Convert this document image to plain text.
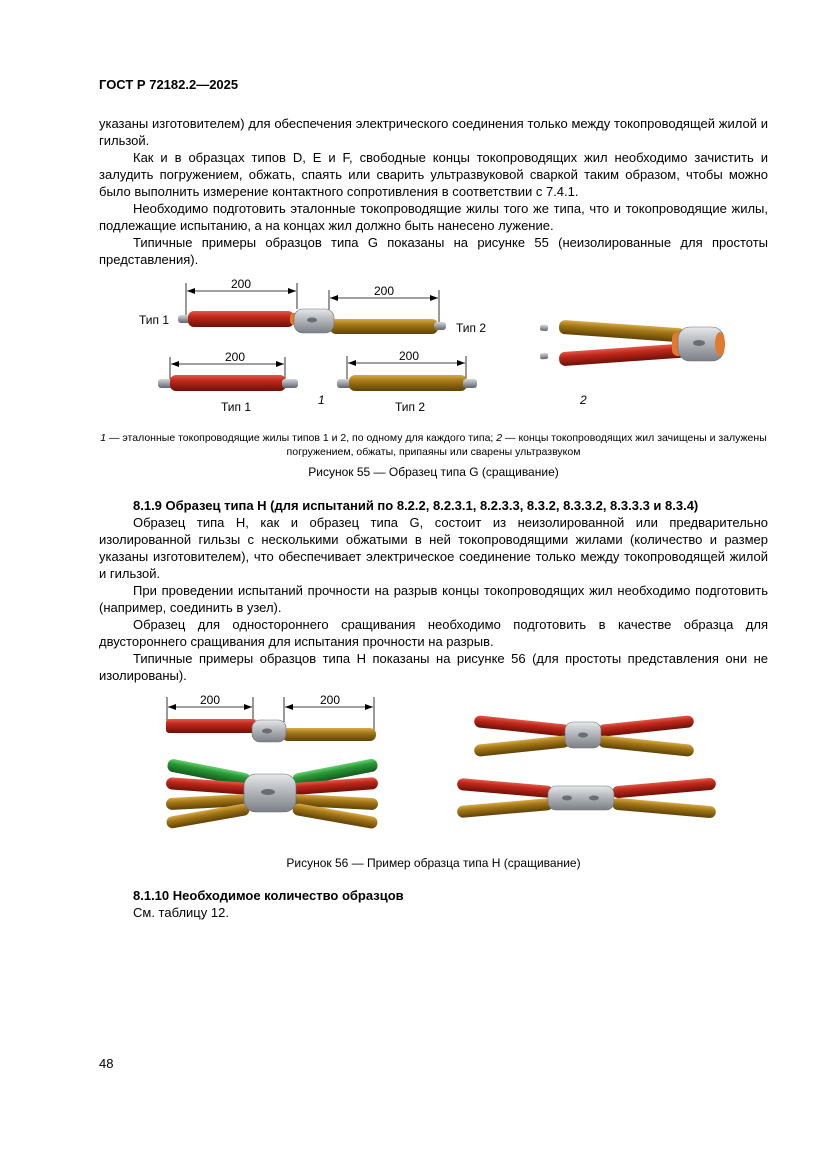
ГОСТ Р 72182.2—2025

указаны изготовителем) для обеспечения электрического соединения только между токопроводящей жилой и гильзой.

Как и в образцах типов D, E и F, свободные концы токопроводящих жил необходимо зачистить и залудить погружением, обжать, спаять или сварить ультразвуковой сваркой таким образом, чтобы можно было выполнить измерение контактного сопротивления в соответствии с 7.4.1.

Необходимо подготовить эталонные токопроводящие жилы того же типа, что и токопроводящие жилы, подлежащие испытанию, а на концах жил должно быть нанесено лужение.

Типичные примеры образцов типа G показаны на рисунке 55 (неизолированные для простоты представления).

200	200
Тип 1
Тип 2
200
Тип 1
200
Тип 2
1	2
1 — эталонные токопроводящие жилы типов 1 и 2, по одному для каждого типа; 2 — концы токопроводящих жил зачищены и залужены погружением, обжаты, припаяны или сварены ультразвуком
Рисунок 55 — Образец типа G (сращивание)

8.1.9 Образец типа H (для испытаний по 8.2.2, 8.2.3.1, 8.2.3.3, 8.3.2, 8.3.3.2, 8.3.3.3 и 8.3.4)

Образец типа H, как и образец типа G, состоит из неизолированной или предварительно изолированной гильзы с несколькими обжатыми в ней токопроводящими жилами (количество и размер указаны изготовителем), что обеспечивает электрическое соединение только между токопроводящей жилой и гильзой.

При проведении испытаний прочности на разрыв концы токопроводящих жил необходимо подготовить (например, соединить в узел).

Образец для одностороннего сращивания необходимо подготовить в качестве образца для двустороннего сращивания для испытания прочности на разрыв.

Типичные примеры образцов типа H показаны на рисунке 56 (для простоты представления они не изолированы).

200	200
Рисунок 56 — Пример образца типа H (сращивание)

8.1.10 Необходимое количество образцов

См. таблицу 12.

48
